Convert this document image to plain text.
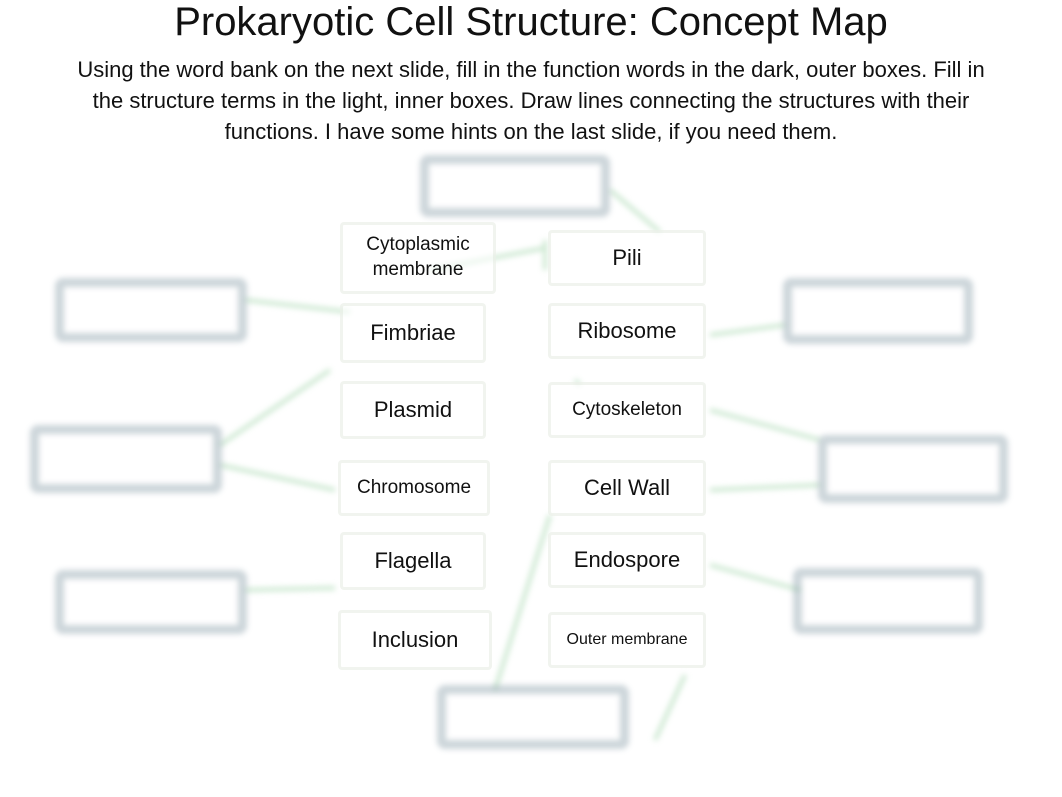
Prokaryotic Cell Structure: Concept Map
Using the word bank on the next slide, fill in the function words in the dark, outer boxes. Fill in the structure terms in the light, inner boxes. Draw lines connecting the structures with their functions. I have some hints on the last slide, if you need them.
Cytoplasmic membrane
Fimbriae
Plasmid
Chromosome
Flagella
Inclusion
Pili
Ribosome
Cytoskeleton
Cell Wall
Endospore
Outer membrane
